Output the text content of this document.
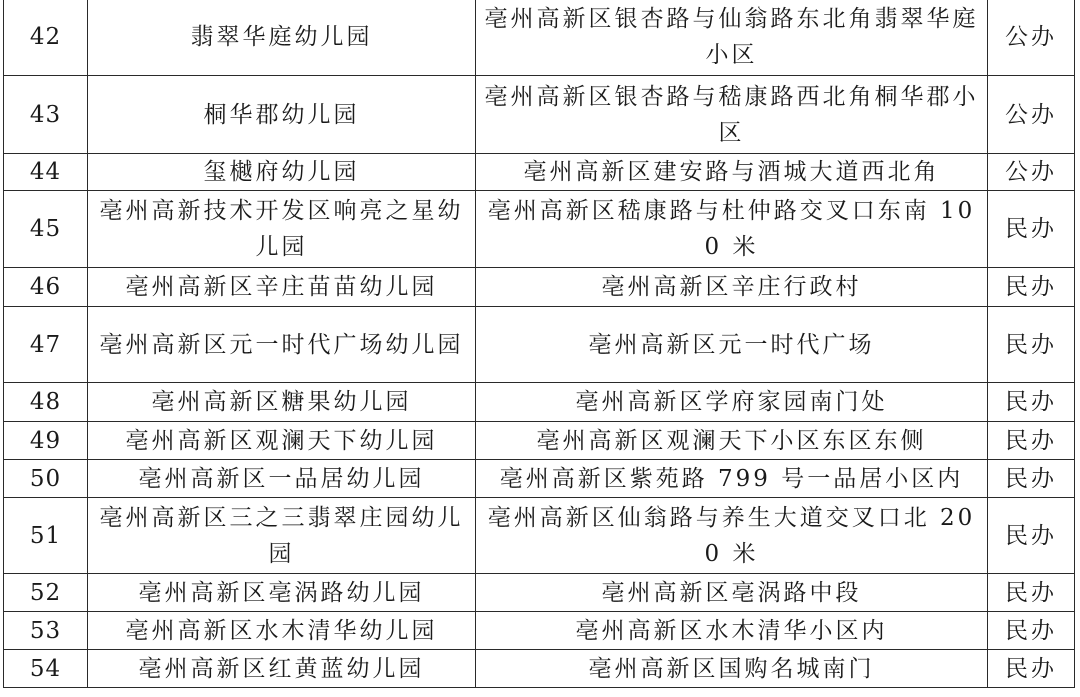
42	翡翠华庭幼儿园	亳州高新区银杏路与仙翁路东北角翡翠华庭小区	公办
43	桐华郡幼儿园	亳州高新区银杏路与嵇康路西北角桐华郡小区	公办
44	玺樾府幼儿园	亳州高新区建安路与酒城大道西北角	公办
45	亳州高新技术开发区响亮之星幼儿园	亳州高新区嵇康路与杜仲路交叉口东南 100 米	民办
46	亳州高新区辛庄苗苗幼儿园	亳州高新区辛庄行政村	民办
47	亳州高新区元一时代广场幼儿园	亳州高新区元一时代广场	民办
48	亳州高新区糖果幼儿园	亳州高新区学府家园南门处	民办
49	亳州高新区观澜天下幼儿园	亳州高新区观澜天下小区东区东侧	民办
50	亳州高新区一品居幼儿园	亳州高新区紫苑路 799 号一品居小区内	民办
51	亳州高新区三之三翡翠庄园幼儿园	亳州高新区仙翁路与养生大道交叉口北 200 米	民办
52	亳州高新区亳涡路幼儿园	亳州高新区亳涡路中段	民办
53	亳州高新区水木清华幼儿园	亳州高新区水木清华小区内	民办
54	亳州高新区红黄蓝幼儿园	亳州高新区国购名城南门	民办
